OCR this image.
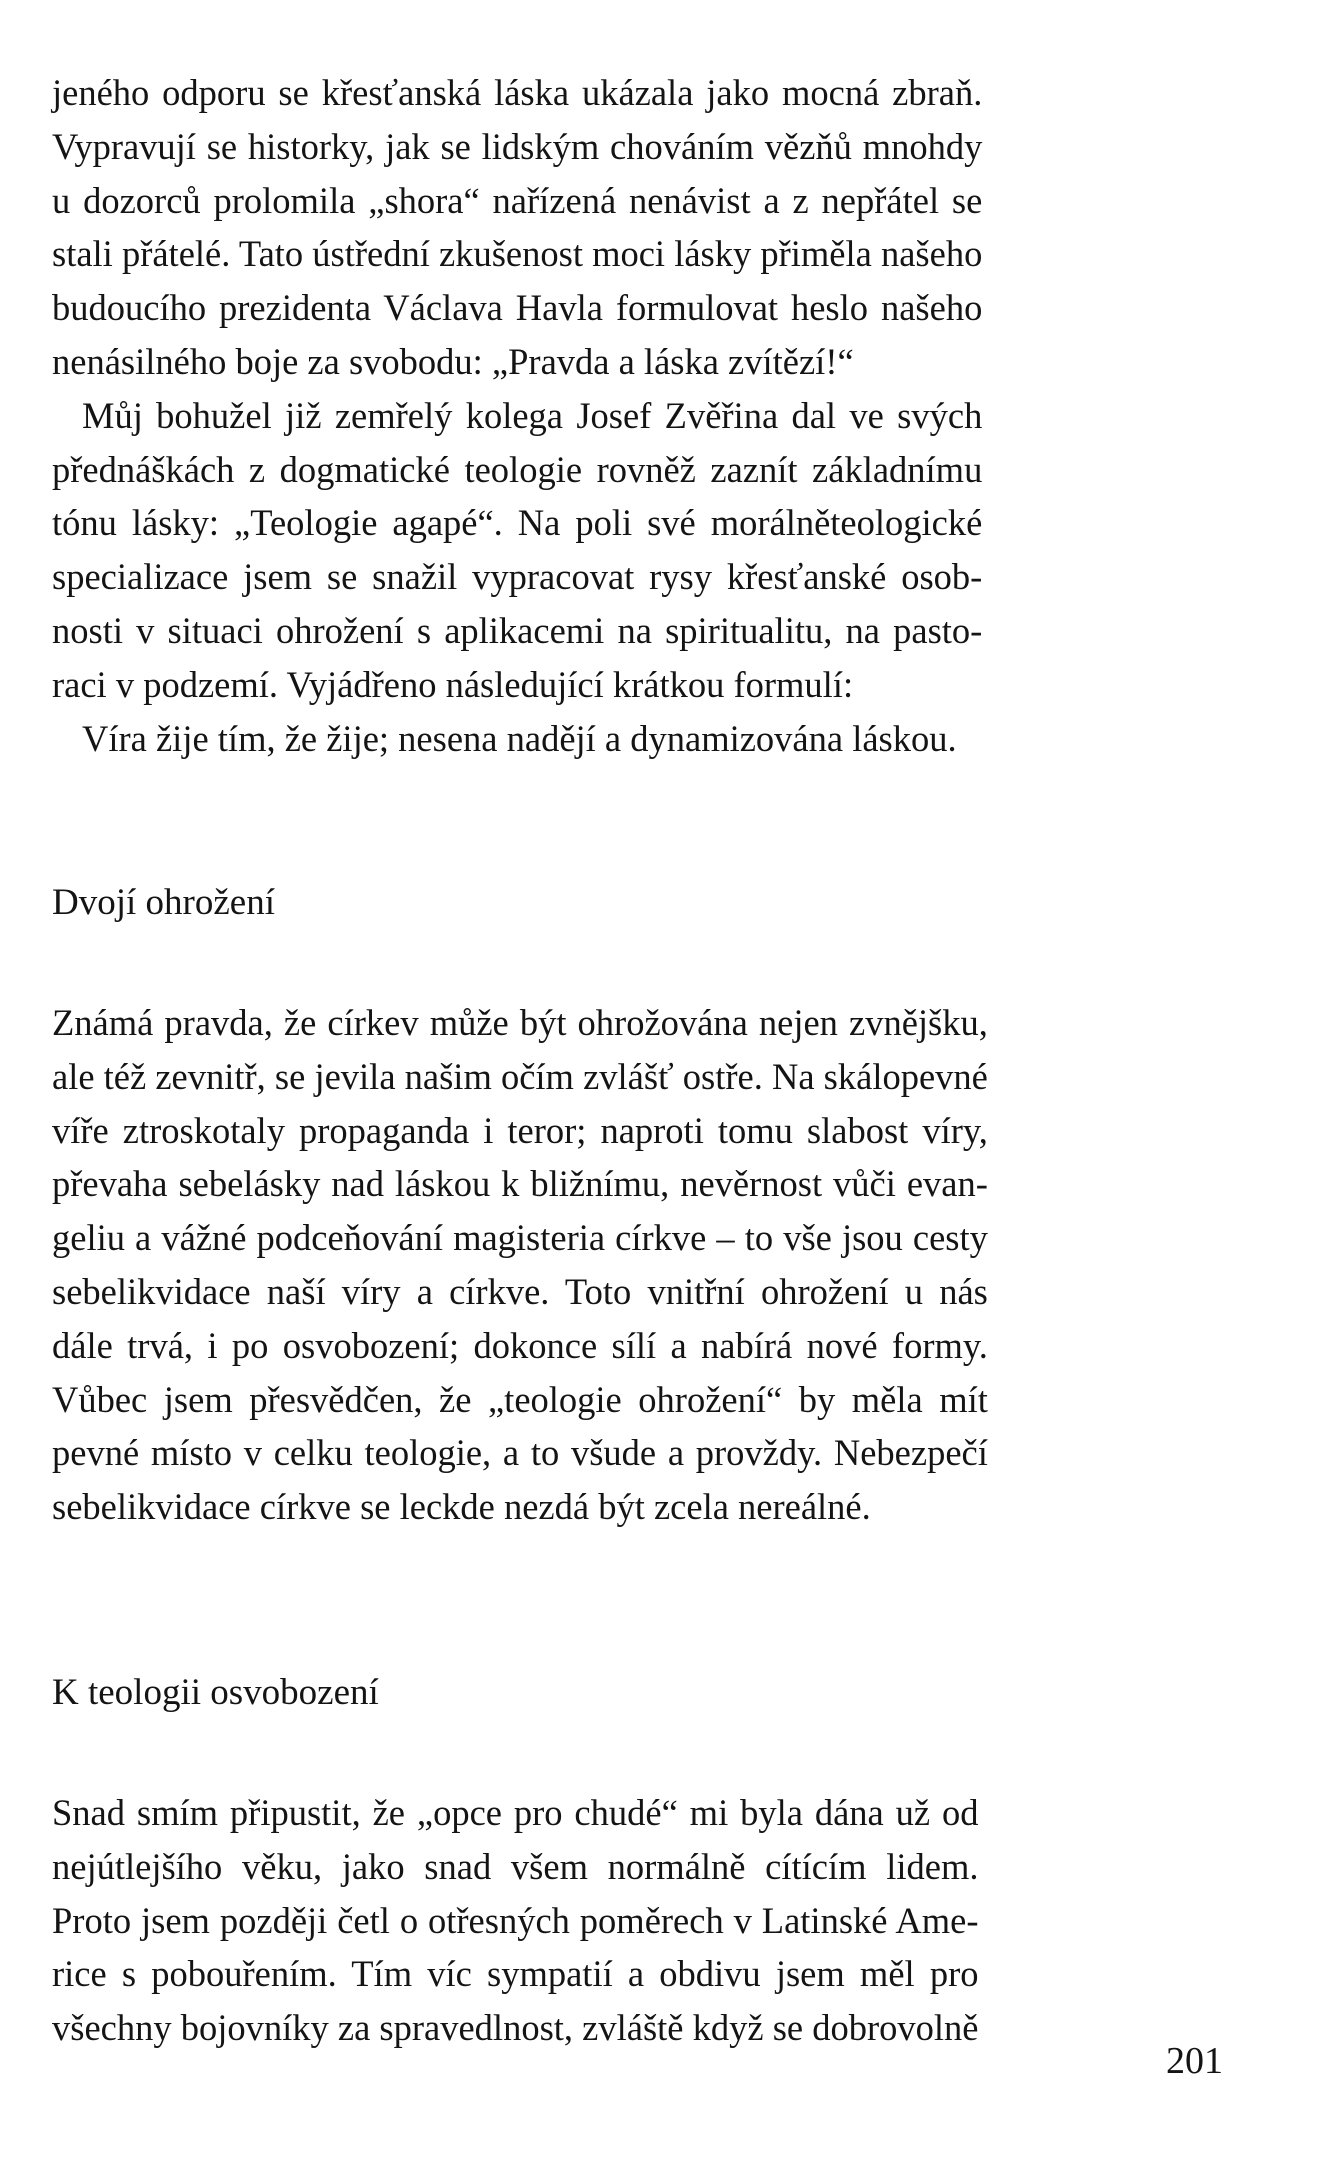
jeného odporu se křesťanská láska ukázala jako mocná zbraň.
Vypravují se historky, jak se lidským chováním vězňů mnohdy
u dozorců prolomila „shora“ nařízená nenávist a z nepřátel se
stali přátelé. Tato ústřední zkušenost moci lásky přiměla našeho
budoucího prezidenta Václava Havla formulovat heslo našeho
nenásilného boje za svobodu: „Pravda a láska zvítězí!“
Můj bohužel již zemřelý kolega Josef Zvěřina dal ve svých
přednáškách z dogmatické teologie rovněž zaznít základnímu
tónu lásky: „Teologie agapé“. Na poli své morálněteologické
specializace jsem se snažil vypracovat rysy křesťanské osob-
nosti v situaci ohrožení s aplikacemi na spiritualitu, na pasto-
raci v podzemí. Vyjádřeno následující krátkou formulí:
Víra žije tím, že žije; nesena nadějí a dynamizována láskou.
Dvojí ohrožení
Známá pravda, že církev může být ohrožována nejen zvnějšku,
ale též zevnitř, se jevila našim očím zvlášť ostře. Na skálopevné
víře ztroskotaly propaganda i teror; naproti tomu slabost víry,
převaha sebelásky nad láskou k bližnímu, nevěrnost vůči evan-
geliu a vážné podceňování magisteria církve – to vše jsou cesty
sebelikvidace naší víry a církve. Toto vnitřní ohrožení u nás
dále trvá, i po osvobození; dokonce sílí a nabírá nové formy.
Vůbec jsem přesvědčen, že „teologie ohrožení“ by měla mít
pevné místo v celku teologie, a to všude a provždy. Nebezpečí
sebelikvidace církve se leckde nezdá být zcela nereálné.
K teologii osvobození
Snad smím připustit, že „opce pro chudé“ mi byla dána už od
nejútlejšího věku, jako snad všem normálně cítícím lidem.
Proto jsem později četl o otřesných poměrech v Latinské Ame-
rice s pobouřením. Tím víc sympatií a obdivu jsem měl pro
všechny bojovníky za spravedlnost, zvláště když se dobrovolně
201
